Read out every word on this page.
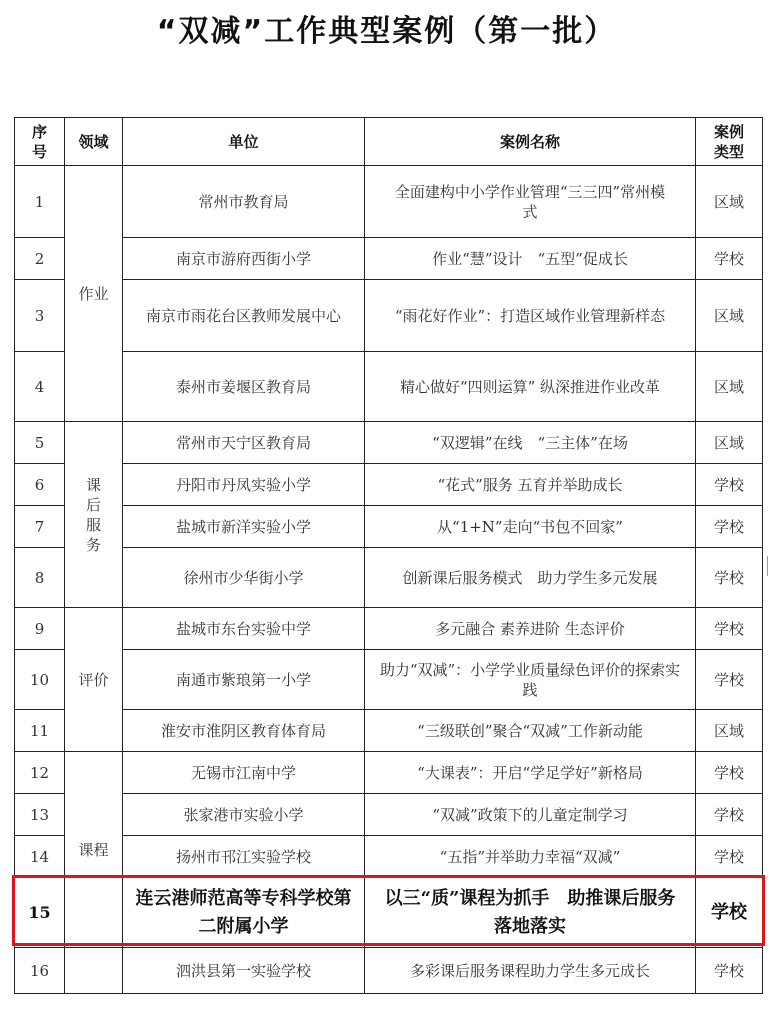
“双减”工作典型案例（第一批）
序号	领域	单位	案例名称	案例类型
1	作业	常州市教育局	全面建构中小学作业管理“三三四”常州模式	区域
2		南京市游府西街小学	作业“慧”设计　“五型”促成长	学校
3		南京市雨花台区教师发展中心	“雨花好作业”：打造区域作业管理新样态	区域
4		泰州市姜堰区教育局	精心做好“四则运算” 纵深推进作业改革	区域
5	课后服务	常州市天宁区教育局	“双逻辑”在线　“三主体”在场	区域
6		丹阳市丹凤实验小学	“花式”服务 五育并举助成长	学校
7		盐城市新洋实验小学	从“1+N”走向“书包不回家”	学校
8		徐州市少华街小学	创新课后服务模式　助力学生多元发展	学校
9	评价	盐城市东台实验中学	多元融合 素养进阶 生态评价	学校
10		南通市紫琅第一小学	助力“双减”：小学学业质量绿色评价的探索实践	学校
11		淮安市淮阴区教育体育局	“三级联创”聚合“双减”工作新动能	区域
12	课程	无锡市江南中学	“大课表”：开启“学足学好”新格局	学校
13		张家港市实验小学	“双减”政策下的儿童定制学习	学校
14		扬州市邗江实验学校	“五指”并举助力幸福“双减”	学校
15		连云港师范高等专科学校第二附属小学	以三“质”课程为抓手　助推课后服务落地落实	学校
16		泗洪县第一实验学校	多彩课后服务课程助力学生多元成长	学校
